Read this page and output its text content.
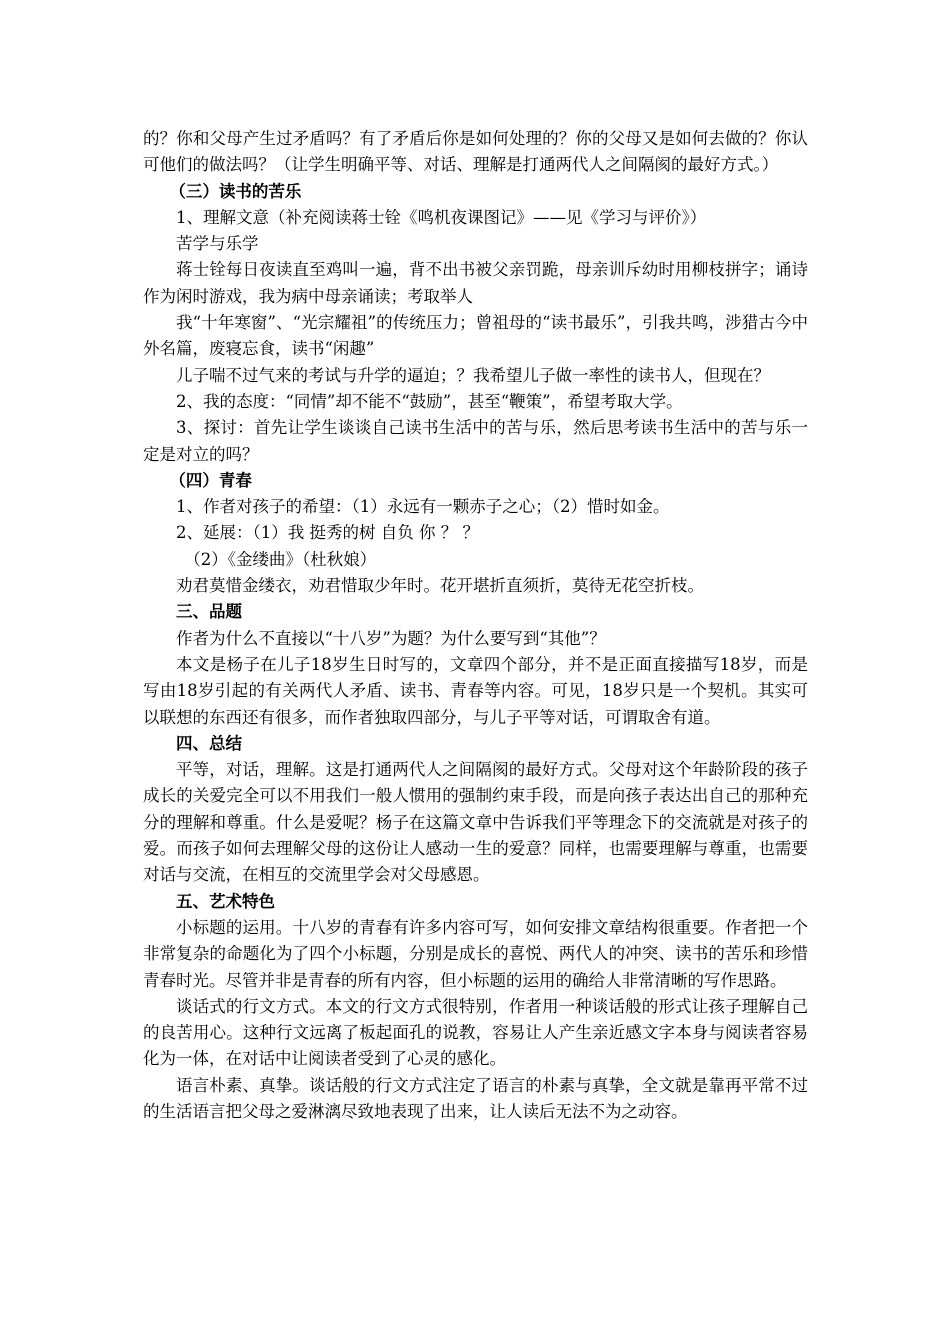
的？你和父母产生过矛盾吗？有了矛盾后你是如何处理的？你的父母又是如何去做的？你认可他们的做法吗？（让学生明确平等、对话、理解是打通两代人之间隔阂的最好方式。）

（三）读书的苦乐

1、理解文意（补充阅读蒋士铨《鸣机夜课图记》——见《学习与评价》）

苦学与乐学

蒋士铨每日夜读直至鸡叫一遍，背不出书被父亲罚跪，母亲训斥幼时用柳枝拼字；诵诗作为闲时游戏，我为病中母亲诵读；考取举人

我“十年寒窗”、“光宗耀祖”的传统压力；曾祖母的“读书最乐”，引我共鸣，涉猎古今中外名篇，废寝忘食，读书“闲趣”

儿子喘不过气来的考试与升学的逼迫；？我希望儿子做一率性的读书人，但现在？

2、我的态度：“同情”却不能不“鼓励”，甚至“鞭策”，希望考取大学。

3、探讨：首先让学生谈谈自己读书生活中的苦与乐，然后思考读书生活中的苦与乐一定是对立的吗？

（四）青春

1、作者对孩子的希望：（1）永远有一颗赤子之心；（2）惜时如金。

2、延展：（1）我 挺秀的树 自负 你 ？ ？

（2）《金缕曲》（杜秋娘）

劝君莫惜金缕衣，劝君惜取少年时。花开堪折直须折，莫待无花空折枝。

三、品题

作者为什么不直接以“十八岁”为题？为什么要写到“其他”？

本文是杨子在儿子18岁生日时写的，文章四个部分，并不是正面直接描写18岁，而是写由18岁引起的有关两代人矛盾、读书、青春等内容。可见，18岁只是一个契机。其实可以联想的东西还有很多，而作者独取四部分，与儿子平等对话，可谓取舍有道。

四、总结

平等，对话，理解。这是打通两代人之间隔阂的最好方式。父母对这个年龄阶段的孩子成长的关爱完全可以不用我们一般人惯用的强制约束手段，而是向孩子表达出自己的那种充分的理解和尊重。什么是爱呢？杨子在这篇文章中告诉我们平等理念下的交流就是对孩子的爱。而孩子如何去理解父母的这份让人感动一生的爱意？同样，也需要理解与尊重，也需要对话与交流，在相互的交流里学会对父母感恩。

五、艺术特色

小标题的运用。十八岁的青春有许多内容可写，如何安排文章结构很重要。作者把一个非常复杂的命题化为了四个小标题，分别是成长的喜悦、两代人的冲突、读书的苦乐和珍惜青春时光。尽管并非是青春的所有内容，但小标题的运用的确给人非常清晰的写作思路。

谈话式的行文方式。本文的行文方式很特别，作者用一种谈话般的形式让孩子理解自己的良苦用心。这种行文远离了板起面孔的说教，容易让人产生亲近感文字本身与阅读者容易化为一体，在对话中让阅读者受到了心灵的感化。

语言朴素、真挚。谈话般的行文方式注定了语言的朴素与真挚，全文就是靠再平常不过的生活语言把父母之爱淋漓尽致地表现了出来，让人读后无法不为之动容。
